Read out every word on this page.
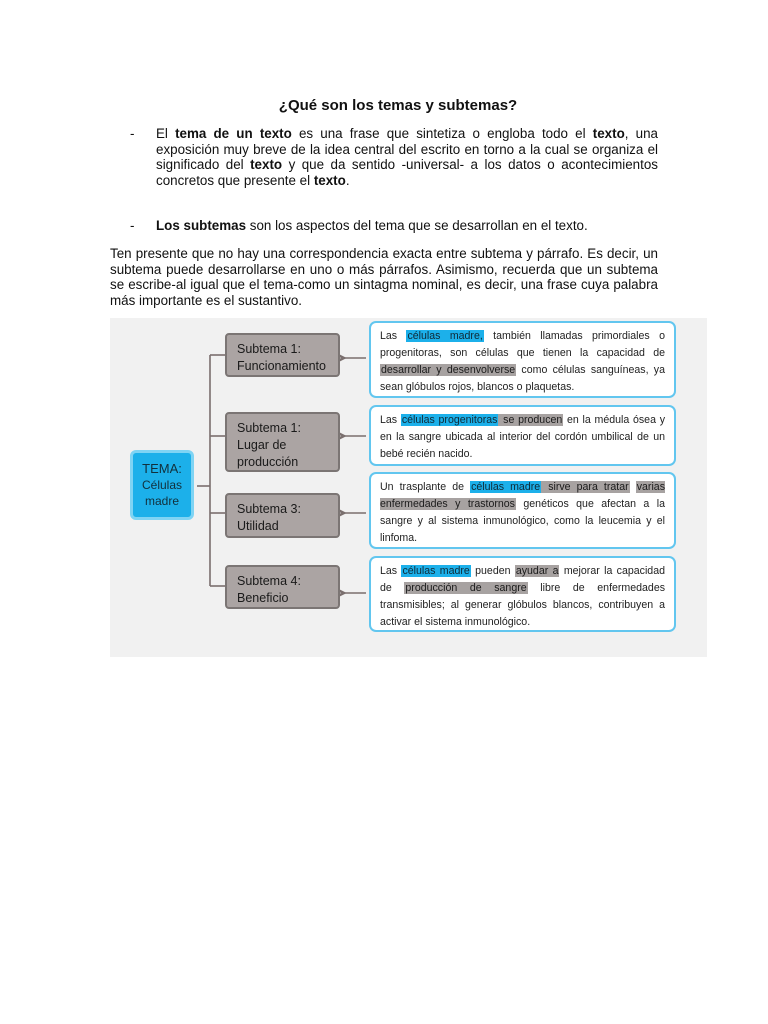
¿Qué son los temas y subtemas?
- El tema de un texto es una frase que sintetiza o engloba todo el texto, una exposición muy breve de la idea central del escrito en torno a la cual se organiza el significado del texto y que da sentido -universal- a los datos o acontecimientos concretos que presente el texto.
- Los subtemas son los aspectos del tema que se desarrollan en el texto.
Ten presente que no hay una correspondencia exacta entre subtema y párrafo. Es decir, un subtema puede desarrollarse en uno o más párrafos. Asimismo, recuerda que un subtema se escribe-al igual que el tema-como un sintagma nominal, es decir, una frase cuya palabra más importante es el sustantivo.
TEMA:
Células
madre
Subtema 1:
Funcionamiento
Subtema 1:
Lugar de
producción
Subtema 3:
Utilidad
Subtema 4:
Beneficio
Las células madre, también llamadas primordiales o progenitoras, son células que tienen la capacidad de desarrollar y desenvolverse como células sanguíneas, ya sean glóbulos rojos, blancos o plaquetas.
Las células progenitoras se producen en la médula ósea y en la sangre ubicada al interior del cordón umbilical de un bebé recién nacido.
Un trasplante de células madre sirve para tratar varias enfermedades y trastornos genéticos que afectan a la sangre y al sistema inmunológico, como la leucemia y el linfoma.
Las células madre pueden ayudar a mejorar la capacidad de producción de sangre libre de enfermedades transmisibles; al generar glóbulos blancos, contribuyen a activar el sistema inmunológico.
